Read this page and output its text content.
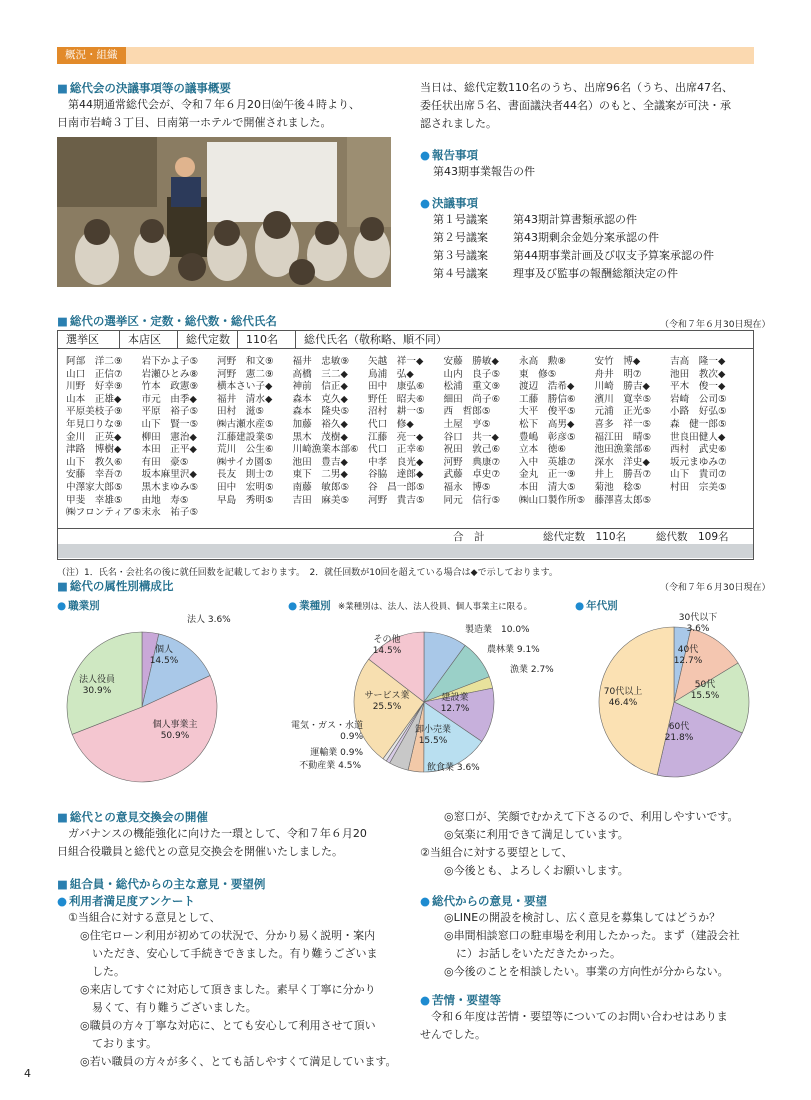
概況・組織
■ 総代会の決議事項等の議事概要
第44期通常総代会が、令和７年６月20日㈮午後４時より、
日南市岩崎３丁目、日南第一ホテルで開催されました。
当日は、総代定数110名のうち、出席96名（うち、出席47名、
委任状出席５名、書面議決者44名）のもと、全議案が可決・承
認されました。
● 報告事項
第43期事業報告の件
● 決議事項
第１号議案	第43期計算書類承認の件
第２号議案	第43期剰余金処分案承認の件
第３号議案	第44期事業計画及び収支予算案承認の件
第４号議案	理事及び監事の報酬総額決定の件
■ 総代の選挙区・定数・総代数・総代氏名	（令和７年６月30日現在）
選挙区	本店区	総代定数	110名	総代氏名（敬称略、順不同）
阿部　洋二⑨	岩下かよ子⑤	河野　和文⑨	福井　忠敏⑨	矢越　祥一◆	安藤　勝敏◆	永高　勲⑧	安竹　博◆	吉高　隆一◆
山口　正信⑦	岩瀬ひとみ⑧	河野　憲二⑨	高橋　三二◆	鳥浦　弘◆	山内　良子⑤	東　修⑤	舟井　明⑦	池田　教次◆
川野　好幸⑨	竹本　政憲⑨	横本さい子◆	神前　信正◆	田中　康弘⑥	松浦　重文⑨	渡辺　浩希◆	川崎　勝吉◆	平木　俊一◆
山本　正雄◆	市元　由季◆	福井　清水◆	森本　克久◆	野任　昭夫⑥	細田　尚子⑥	工藤　勝信⑥	濱川　寛幸⑤	岩崎　公司⑤
平原美枝子⑨	平原　裕子⑤	田村　滋⑤	森本　隆央⑤	沼村　耕一⑤	西　哲郎⑤	大平　俊平⑤	元浦　正光⑤	小路　好弘⑤
年見口りな⑨	山下　賢一⑤	㈱古瀬水産⑤	加藤　裕久◆	代口　修◆	土屋　亨⑤	松下　高男◆	喜多　祥一⑤	森　健一郎⑤
金川　正英◆	柳田　憲治◆	江藤建設業⑤	黒木　茂樹◆	江藤　亮一◆	谷口　共一◆	豊嶋　彰彦⑤	福江田　晴⑤	世良田健人◆
津路　博樹◆	本田　正平◆	荒川　公生⑥	川崎漁業本部⑥ 代口　正幸⑥	祝田　敦己⑥	立本　徳⑥	池田漁業部⑥	西村　武史⑥
山下　教久⑥	有田　豪⑤	㈱サイカ園⑤	池田　豊吉◆	中孝　良光◆	河野　典康⑦	入中　英雄⑦	深水　洋史◆	坂元まゆみ⑦
安藤　幸吾⑦	坂本麻里沢◆	長友　則士⑦	東下　二男◆	谷脇　達郎◆	武藤　卓史⑦	金丸　正一⑨	井上　勝吾⑦	山下　貴司⑦
中澤家大郎⑤	黒木まゆみ⑤	田中　宏明⑤	南藤　敏郎⑤	谷　昌一郎⑤	福永　博⑤	本田　清大⑤	菊池　稔⑤	村田　宗美⑤
甲斐　幸雄⑤	由地　寿⑤	早島　秀明⑤	吉田　麻美⑤	河野　貴吉⑤	同元　信行⑤	㈱山口製作所⑤ 藤澤喜太郎⑤
㈱フロンティア⑤ 末永　祐子⑤
合　計	総代定数　110名	総代数　109名
（注）1．氏名・会社名の後に就任回数を記載しております。　2．就任回数が10回を超えている場合は◆で示しております。
■ 総代の属性別構成比	（令和７年６月30日現在）
● 職業別	● 業種別 ※業種別は、法人、法人役員、個人事業主に限る。	● 年代別
法人 3.6%
個人 14.5%
個人事業主 50.9%
法人役員 30.9%
製造業　10.0%
農林業 9.1%
漁業 2.7%
建設業 12.7%
卸小売業 15.5%
飲食業 3.6%
不動産業 4.5%
運輸業 0.9%
電気・ガス・水道 0.9%
サービス業 25.5%
その他 14.5%
30代以下 3.6%
40代 12.7%
50代 15.5%
60代 21.8%
70代以上 46.4%
■ 総代との意見交換会の開催
ガバナンスの機能強化に向けた一環として、令和７年６月20
日組合役職員と総代との意見交換会を開催いたしました。
■ 組合員・総代からの主な意見・要望例
● 利用者満足度アンケート
①当組合に対する意見として、
◎住宅ローン利用が初めての状況で、分かり易く説明・案内
いただき、安心して手続きできました。有り難うございま
した。
◎来店してすぐに対応して頂きました。素早く丁寧に分かり
易くて、有り難うございました。
◎職員の方々丁寧な対応に、とても安心して利用させて頂い
ております。
◎若い職員の方々が多く、とても話しやすくて満足しています。
◎窓口が、笑顔でむかえて下さるので、利用しやすいです。
◎気楽に利用できて満足しています。
②当組合に対する要望として、
◎今後とも、よろしくお願いします。
● 総代からの意見・要望
◎LINEの開設を検討し、広く意見を募集してはどうか？
◎串間相談窓口の駐車場を利用したかった。まず（建設会社
に）お話しをいただきたかった。
◎今後のことを相談したい。事業の方向性が分からない。
● 苦情・要望等
令和６年度は苦情・要望等についてのお問い合わせはありま
せんでした。
4
